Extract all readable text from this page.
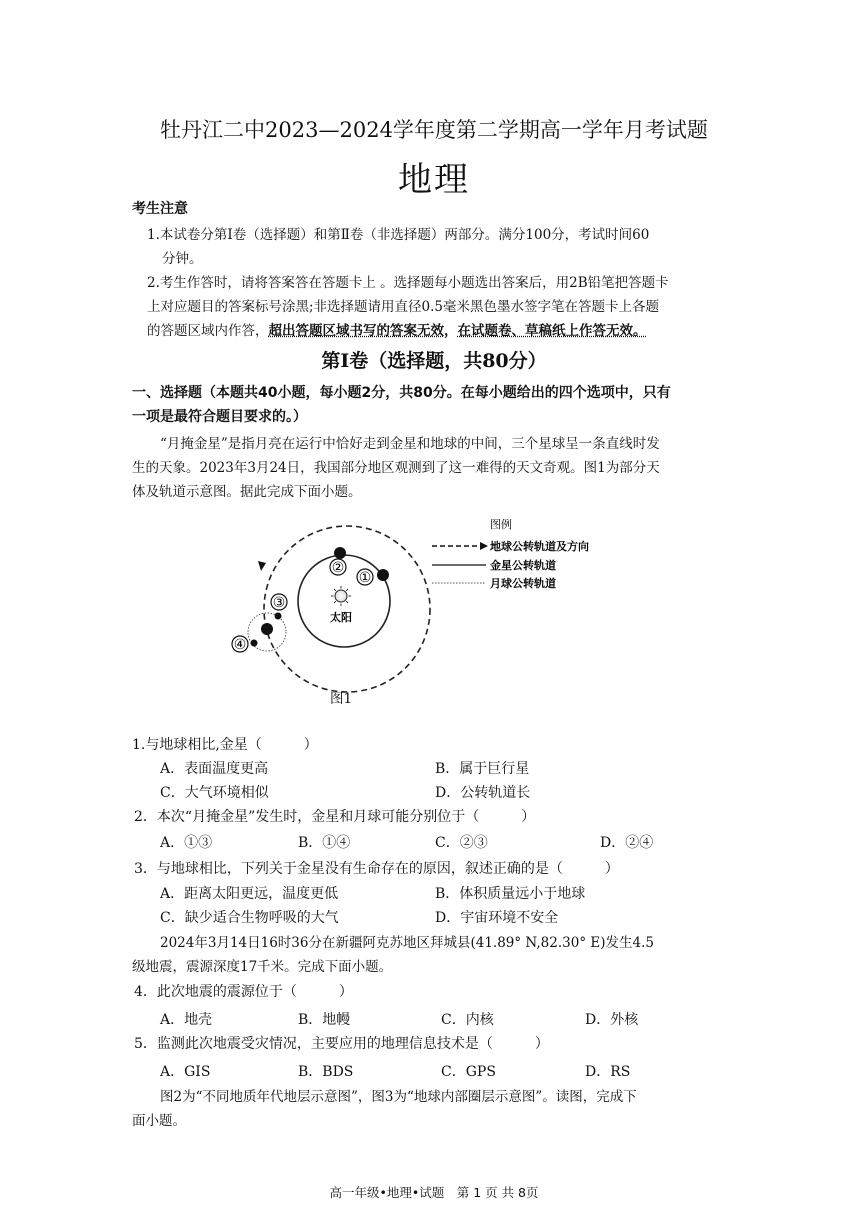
牡丹江二中2023—2024学年度第二学期高一学年月考试题
地理
考生注意
1.本试卷分第Ⅰ卷（选择题）和第Ⅱ卷（非选择题）两部分。满分100分，考试时间60
分钟。
2.考生作答时，请将答案答在答题卡上 。选择题每小题选出答案后，用2B铅笔把答题卡
上对应题目的答案标号涂黑;非选择题请用直径0.5毫米黑色墨水签字笔在答题卡上各题
的答题区域内作答，超出答题区域书写的答案无效，在试题卷、草稿纸上作答无效。
第Ⅰ卷（选择题，共80分）
一、选择题（本题共40小题，每小题2分，共80分。在每小题给出的四个选项中，只有
一项是最符合题目要求的。）
“月掩金星”是指月亮在运行中恰好走到金星和地球的中间，三个星球呈一条直线时发
生的天象。2023年3月24日，我国部分地区观测到了这一难得的天文奇观。图1为部分天
体及轨道示意图。据此完成下面小题。
太阳
②
①
③
④
图例
地球公转轨道及方向
金星公转轨道
月球公转轨道
图1
1.与地球相比,金星（　　　）
A．表面温度更高	B．属于巨行星
C．大气环境相似	D．公转轨道长
2．本次“月掩金星”发生时，金星和月球可能分别位于（　　　）
A．①③	B．①④	C．②③	D．②④
3．与地球相比，下列关于金星没有生命存在的原因，叙述正确的是（　　　）
A．距离太阳更远，温度更低	B．体积质量远小于地球
C．缺少适合生物呼吸的大气	D．宇宙环境不安全
2024年3月14日16时36分在新疆阿克苏地区拜城县(41.89° N,82.30° E)发生4.5
级地震，震源深度17千米。完成下面小题。
4．此次地震的震源位于（　　　）
A．地壳	B．地幔	C．内核	D．外核
5．监测此次地震受灾情况，主要应用的地理信息技术是（　　　）
A．GIS	B．BDS	C．GPS	D．RS
图2为“不同地质年代地层示意图”，图3为“地球内部圈层示意图”。读图，完成下
面小题。
高一年级•地理•试题　第 1 页 共 8页
